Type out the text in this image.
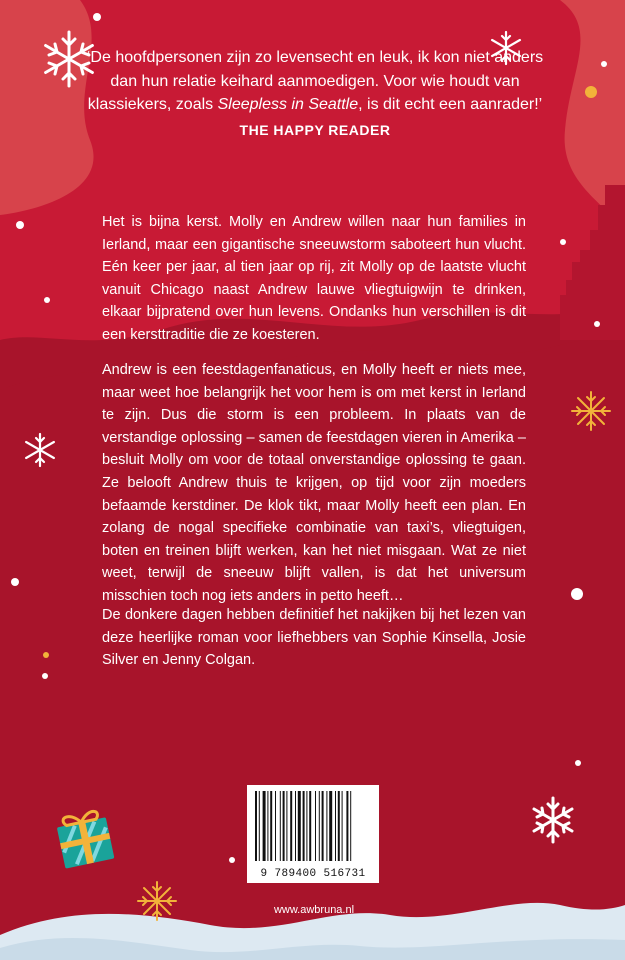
‘De hoofdpersonen zijn zo levensecht en leuk, ik kon niet anders dan hun relatie keihard aanmoedigen. Voor wie houdt van klassiekers, zoals Sleepless in Seattle, is dit echt een aanrader!’
THE HAPPY READER

Het is bijna kerst. Molly en Andrew willen naar hun families in Ierland, maar een gigantische sneeuwstorm saboteert hun vlucht. Eén keer per jaar, al tien jaar op rij, zit Molly op de laatste vlucht vanuit Chicago naast Andrew lauwe vliegtuigwijn te drinken, elkaar bijpratend over hun levens. Ondanks hun verschillen is dit een kersttraditie die ze koesteren.

Andrew is een feestdagenfanaticus, en Molly heeft er niets mee, maar weet hoe belangrijk het voor hem is om met kerst in Ierland te zijn. Dus die storm is een probleem. In plaats van de verstandige oplossing – samen de feestdagen vieren in Amerika – besluit Molly om voor de totaal onverstandige oplossing te gaan. Ze belooft Andrew thuis te krijgen, op tijd voor zijn moeders befaamde kerstdiner. De klok tikt, maar Molly heeft een plan. En zolang de nogal specifieke combinatie van taxi’s, vliegtuigen, boten en treinen blijft werken, kan het niet misgaan. Wat ze niet weet, terwijl de sneeuw blijft vallen, is dat het universum misschien toch nog iets anders in petto heeft…

De donkere dagen hebben definitief het nakijken bij het lezen van deze heerlijke roman voor liefhebbers van Sophie Kinsella, Josie Silver en Jenny Colgan.

9 789400 516731
www.awbruna.nl
